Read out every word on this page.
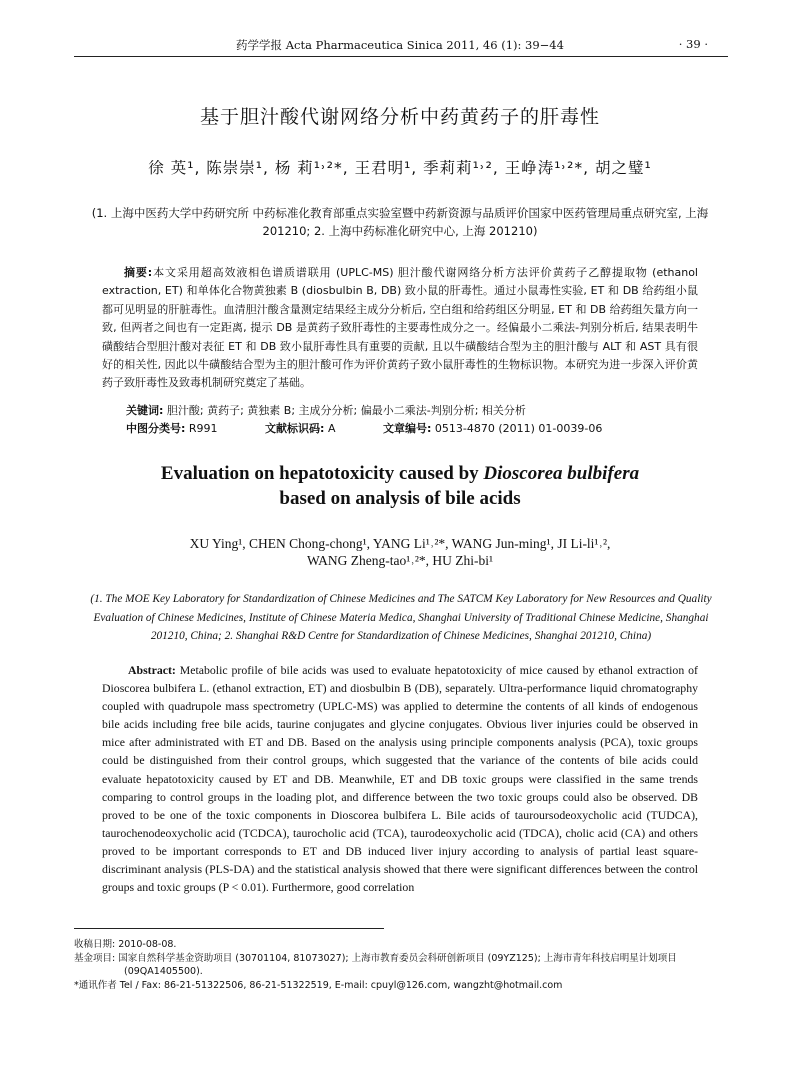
药学学报 Acta Pharmaceutica Sinica 2011, 46 (1): 39−44	· 39 ·
基于胆汁酸代谢网络分析中药黄药子的肝毒性
徐 英¹, 陈崇崇¹, 杨 莉¹˒²*, 王君明¹, 季莉莉¹˒², 王峥涛¹˒²*, 胡之璧¹
(1. 上海中医药大学中药研究所 中药标准化教育部重点实验室暨中药新资源与品质评价国家中医药管理局重点研究室, 上海 201210; 2. 上海中药标准化研究中心, 上海 201210)

摘要:本文采用超高效液相色谱质谱联用 (UPLC-MS) 胆汁酸代谢网络分析方法评价黄药子乙醇提取物 (ethanol extraction, ET) 和单体化合物黄独素 B (diosbulbin B, DB) 致小鼠的肝毒性。通过小鼠毒性实验, ET 和 DB 给药组小鼠都可见明显的肝脏毒性。血清胆汁酸含量测定结果经主成分分析后, 空白组和给药组区分明显, ET 和 DB 给药组矢量方向一致, 但两者之间也有一定距离, 提示 DB 是黄药子致肝毒性的主要毒性成分之一。经偏最小二乘法-判别分析后, 结果表明牛磺酸结合型胆汁酸对表征 ET 和 DB 致小鼠肝毒性具有重要的贡献, 且以牛磺酸结合型为主的胆汁酸与 ALT 和 AST 具有很好的相关性, 因此以牛磺酸结合型为主的胆汁酸可作为评价黄药子致小鼠肝毒性的生物标识物。本研究为进一步深入评价黄药子致肝毒性及致毒机制研究奠定了基础。

关键词: 胆汁酸; 黄药子; 黄独素 B; 主成分分析; 偏最小二乘法-判别分析; 相关分析
中图分类号: R991	文献标识码: A	文章编号: 0513-4870 (2011) 01-0039-06
Evaluation on hepatotoxicity caused by Dioscorea bulbifera
based on analysis of bile acids
XU Ying¹, CHEN Chong-chong¹, YANG Li¹˒²*, WANG Jun-ming¹, JI Li-li¹˒²,
WANG Zheng-tao¹˒²*, HU Zhi-bi¹
(1. The MOE Key Laboratory for Standardization of Chinese Medicines and The SATCM Key Laboratory for New Resources and Quality Evaluation of Chinese Medicines, Institute of Chinese Materia Medica, Shanghai University of Traditional Chinese Medicine, Shanghai 201210, China; 2. Shanghai R&D Centre for Standardization of Chinese Medicines, Shanghai 201210, China)

Abstract: Metabolic profile of bile acids was used to evaluate hepatotoxicity of mice caused by ethanol extraction of Dioscorea bulbifera L. (ethanol extraction, ET) and diosbulbin B (DB), separately. Ultra-performance liquid chromatography coupled with quadrupole mass spectrometry (UPLC-MS) was applied to determine the contents of all kinds of endogenous bile acids including free bile acids, taurine conjugates and glycine conjugates. Obvious liver injuries could be observed in mice after administrated with ET and DB. Based on the analysis using principle components analysis (PCA), toxic groups could be distinguished from their control groups, which suggested that the variance of the contents of bile acids could evaluate hepatotoxicity caused by ET and DB. Meanwhile, ET and DB toxic groups were classified in the same trends comparing to control groups in the loading plot, and difference between the two toxic groups could also be observed. DB proved to be one of the toxic components in Dioscorea bulbifera L. Bile acids of tauroursodeoxycholic acid (TUDCA), taurochenodeoxycholic acid (TCDCA), taurocholic acid (TCA), taurodeoxycholic acid (TDCA), cholic acid (CA) and others proved to be important corresponds to ET and DB induced liver injury according to analysis of partial least square-discriminant analysis (PLS-DA) and the statistical analysis showed that there were significant differences between the control groups and toxic groups (P < 0.01). Furthermore, good correlation

收稿日期: 2010-08-08.
基金项目: 国家自然科学基金资助项目 (30701104, 81073027); 上海市教育委员会科研创新项目 (09YZ125); 上海市青年科技启明星计划项目
(09QA1405500).
*通讯作者 Tel / Fax: 86-21-51322506, 86-21-51322519, E-mail: cpuyl@126.com, wangzht@hotmail.com
